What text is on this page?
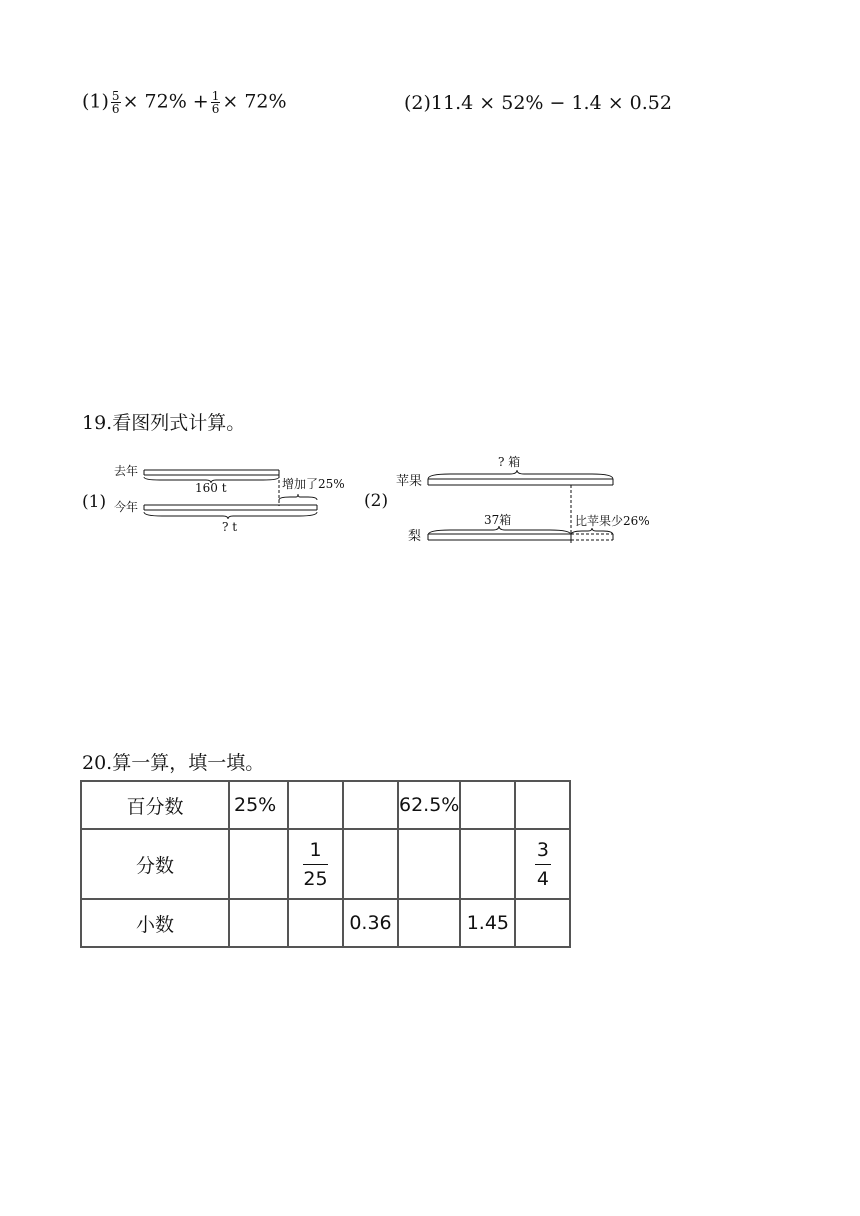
$(1) \frac{5}{6} \times 72\% + \frac{1}{6} \times 72\%$	(2)11.4 × 52% − 1.4 × 0.52
19.看图列式计算。
(1)
去年
今年
160 t	增加了25%
? t
(2)
? 箱
苹果
37箱	比苹果少26%
梨
20.算一算，填一填。
百分数	25%			62.5%		
分数		$\frac{1}{25}$				$\frac{3}{4}$

小数			0.36		1.45	
